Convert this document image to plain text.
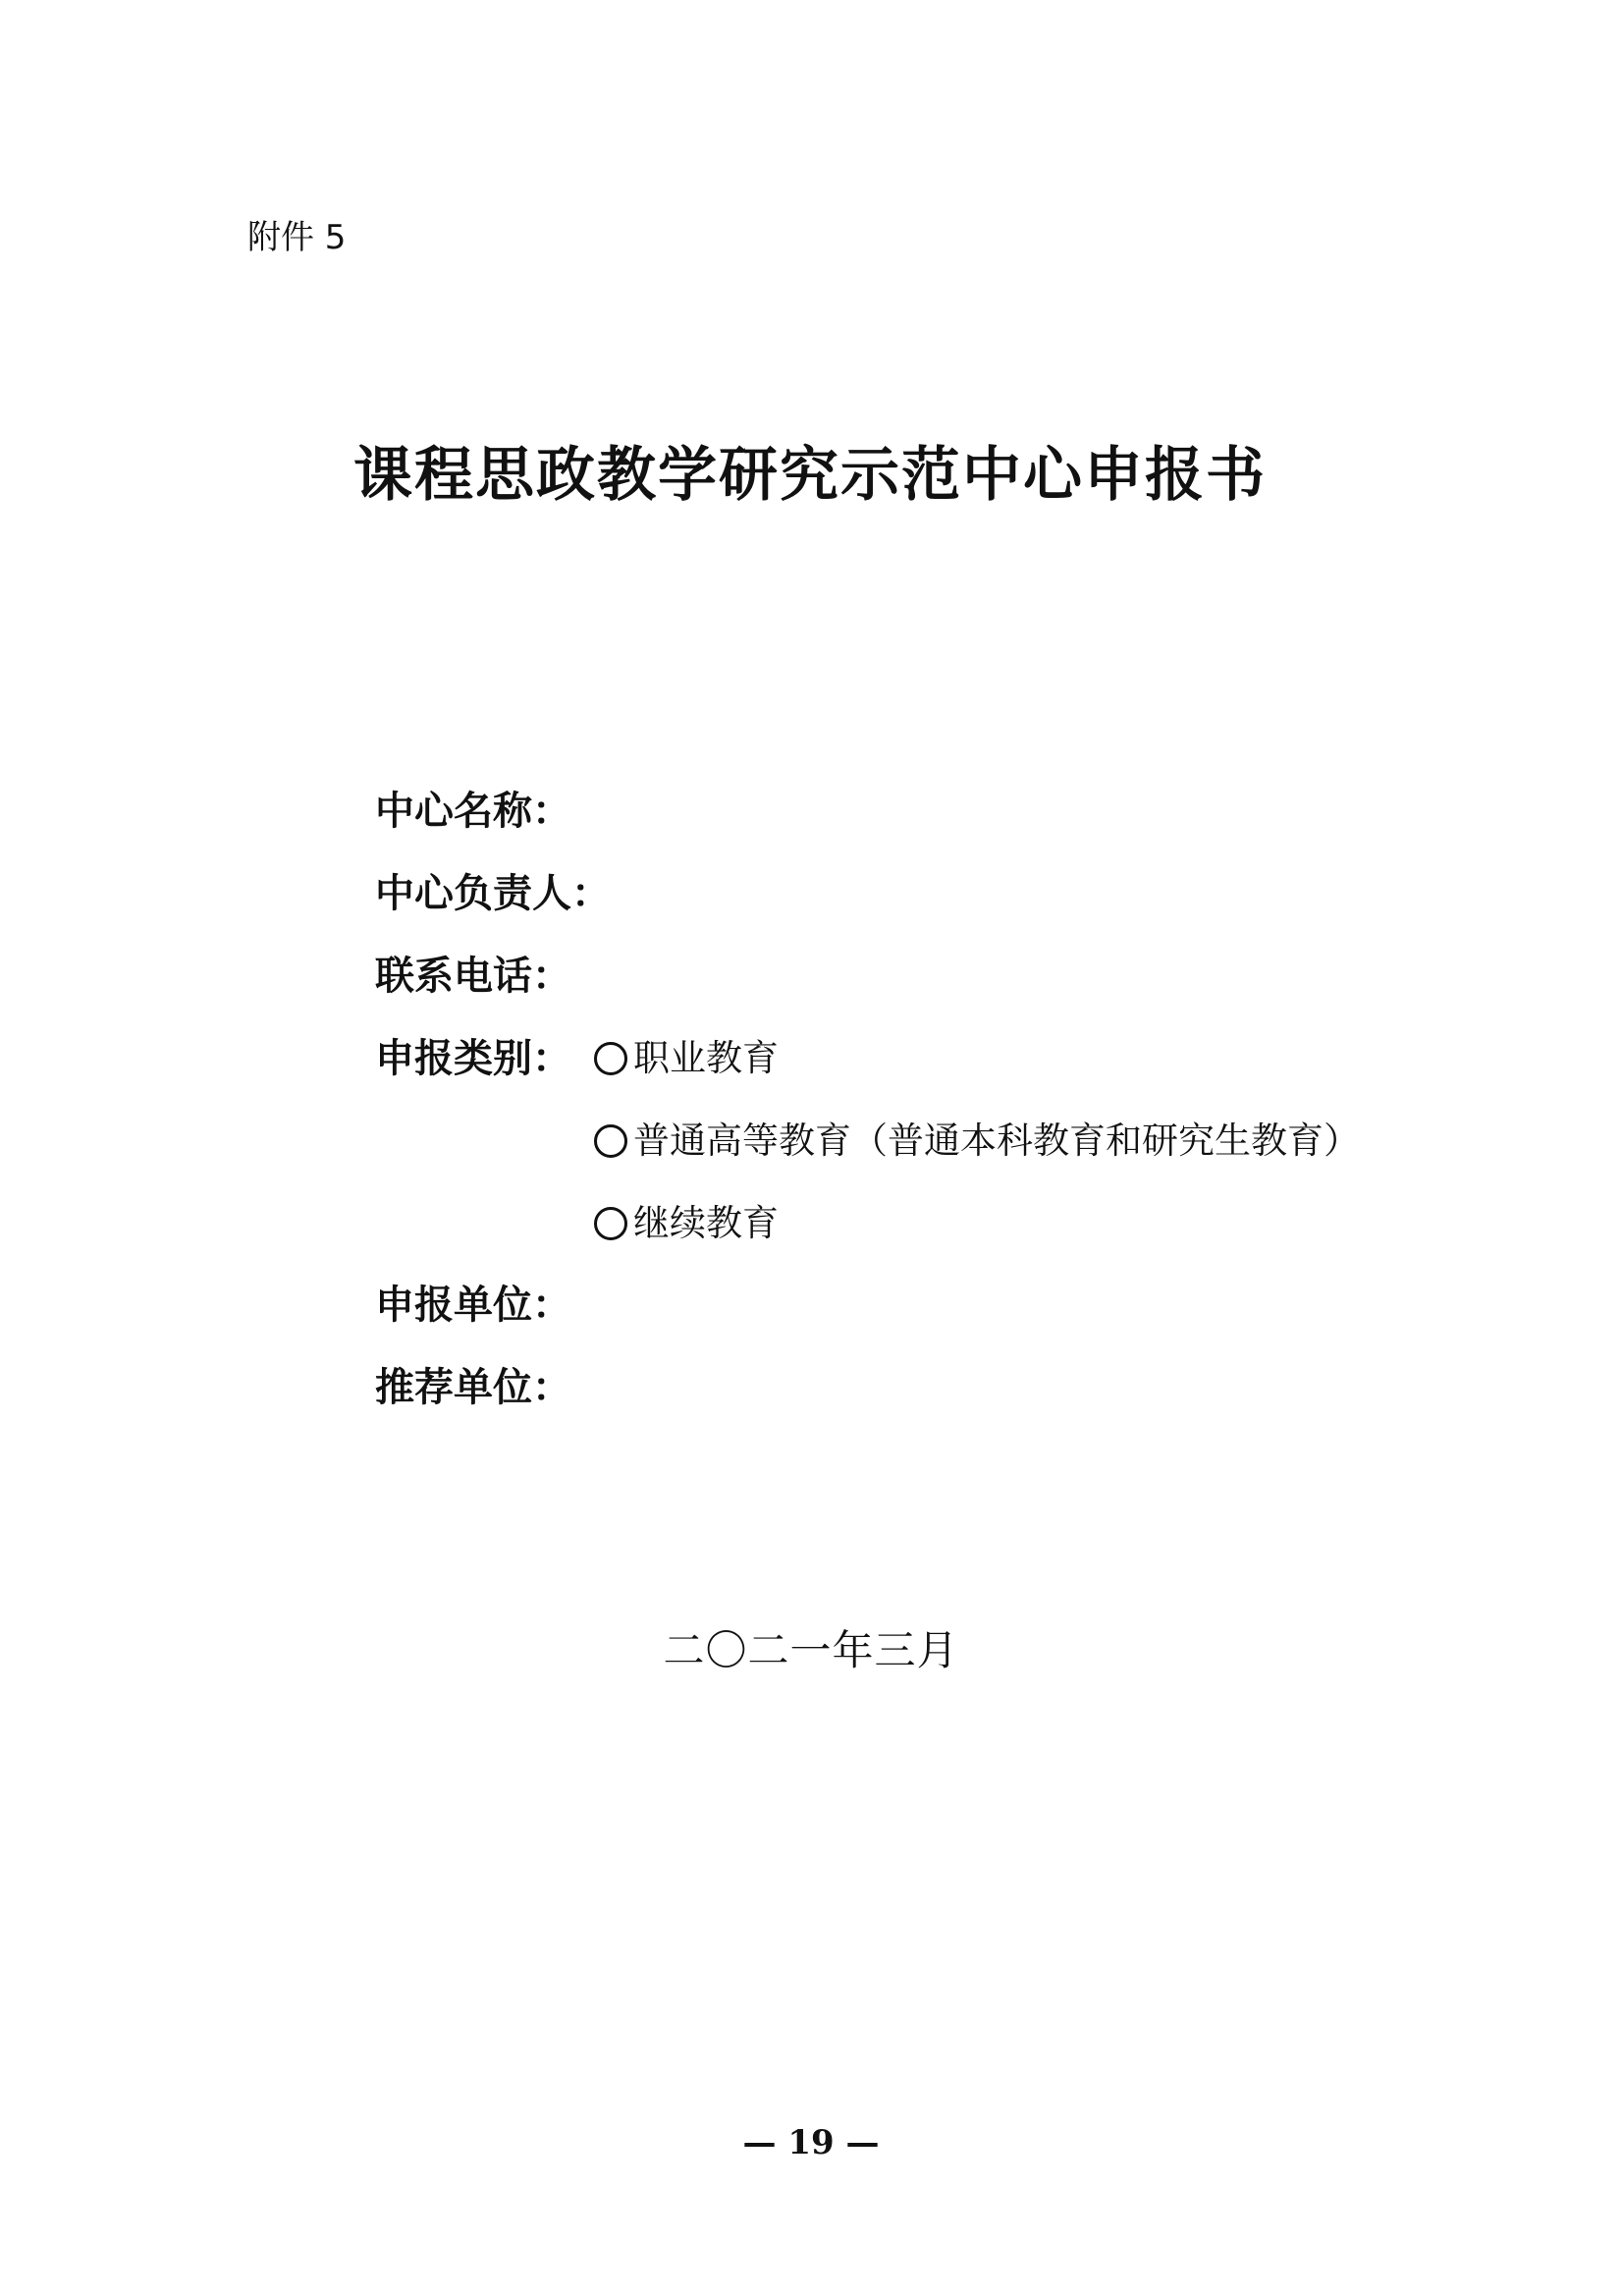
附件 5
课程思政教学研究示范中心申报书
中心名称：
中心负责人：
联系电话：
申报类别： 职业教育
普通高等教育（普通本科教育和研究生教育）
继续教育
申报单位：
推荐单位：
二〇二一年三月
— 19 —
